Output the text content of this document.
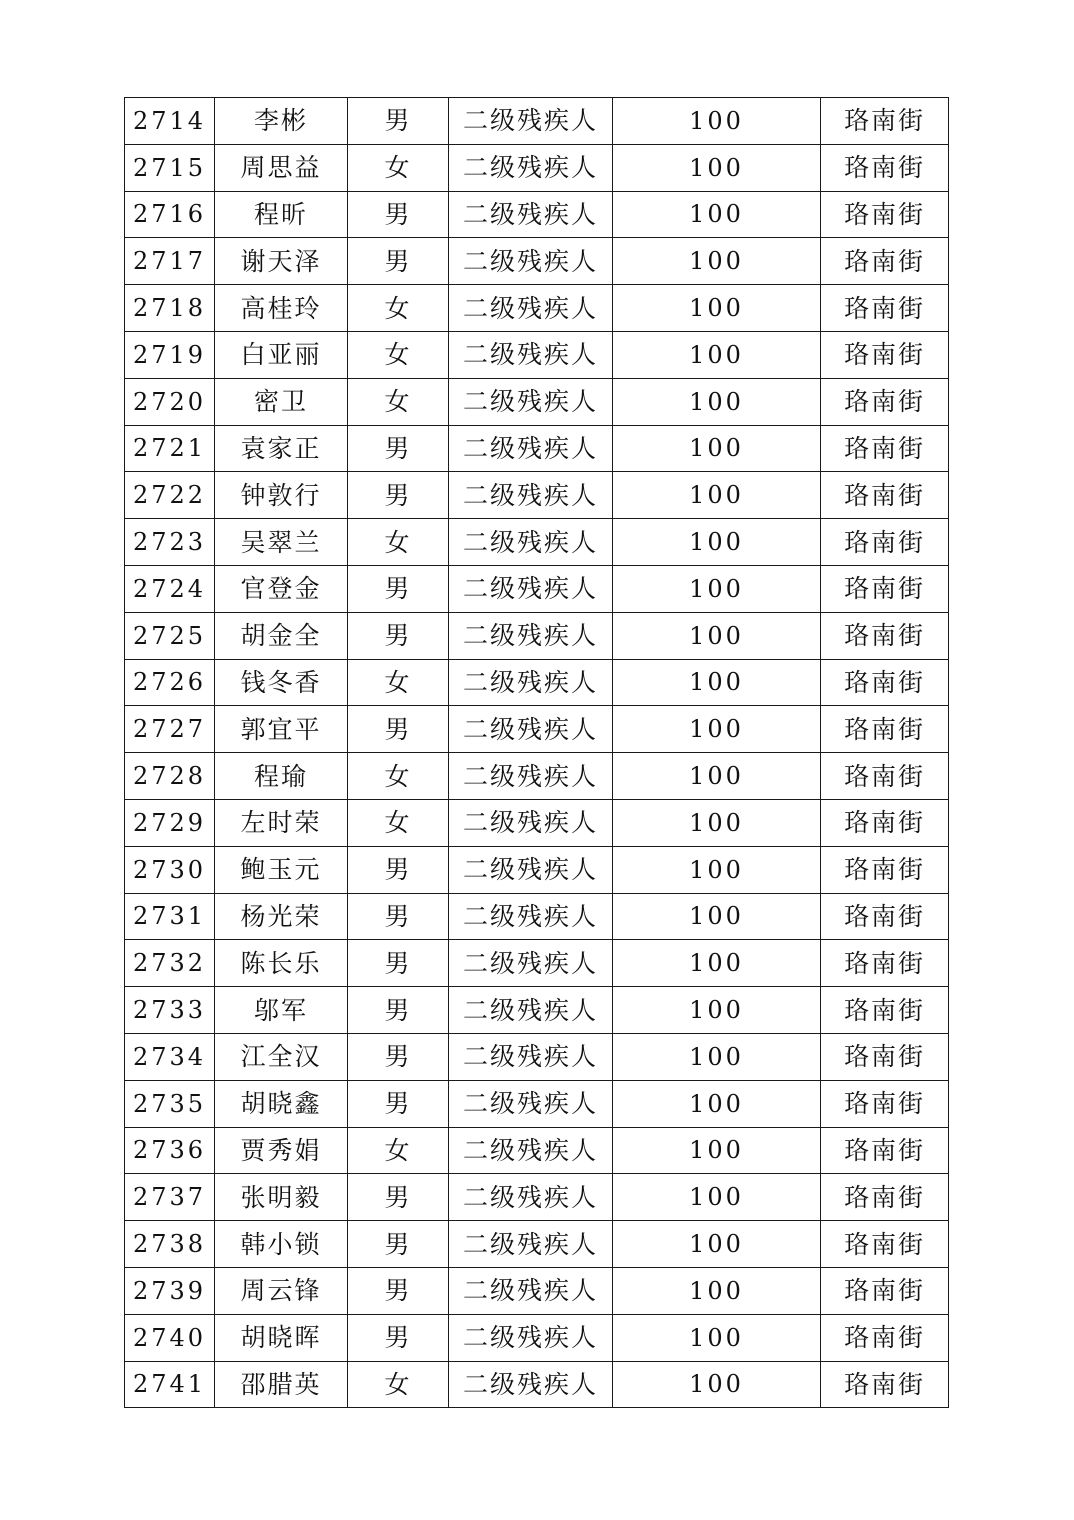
2714	李彬	男	二级残疾人	100	珞南街
2715	周思益	女	二级残疾人	100	珞南街
2716	程昕	男	二级残疾人	100	珞南街
2717	谢天泽	男	二级残疾人	100	珞南街
2718	高桂玲	女	二级残疾人	100	珞南街
2719	白亚丽	女	二级残疾人	100	珞南街
2720	密卫	女	二级残疾人	100	珞南街
2721	袁家正	男	二级残疾人	100	珞南街
2722	钟敦行	男	二级残疾人	100	珞南街
2723	吴翠兰	女	二级残疾人	100	珞南街
2724	官登金	男	二级残疾人	100	珞南街
2725	胡金全	男	二级残疾人	100	珞南街
2726	钱冬香	女	二级残疾人	100	珞南街
2727	郭宜平	男	二级残疾人	100	珞南街
2728	程瑜	女	二级残疾人	100	珞南街
2729	左时荣	女	二级残疾人	100	珞南街
2730	鲍玉元	男	二级残疾人	100	珞南街
2731	杨光荣	男	二级残疾人	100	珞南街
2732	陈长乐	男	二级残疾人	100	珞南街
2733	邬军	男	二级残疾人	100	珞南街
2734	江全汉	男	二级残疾人	100	珞南街
2735	胡晓鑫	男	二级残疾人	100	珞南街
2736	贾秀娟	女	二级残疾人	100	珞南街
2737	张明毅	男	二级残疾人	100	珞南街
2738	韩小锁	男	二级残疾人	100	珞南街
2739	周云锋	男	二级残疾人	100	珞南街
2740	胡晓晖	男	二级残疾人	100	珞南街
2741	邵腊英	女	二级残疾人	100	珞南街
